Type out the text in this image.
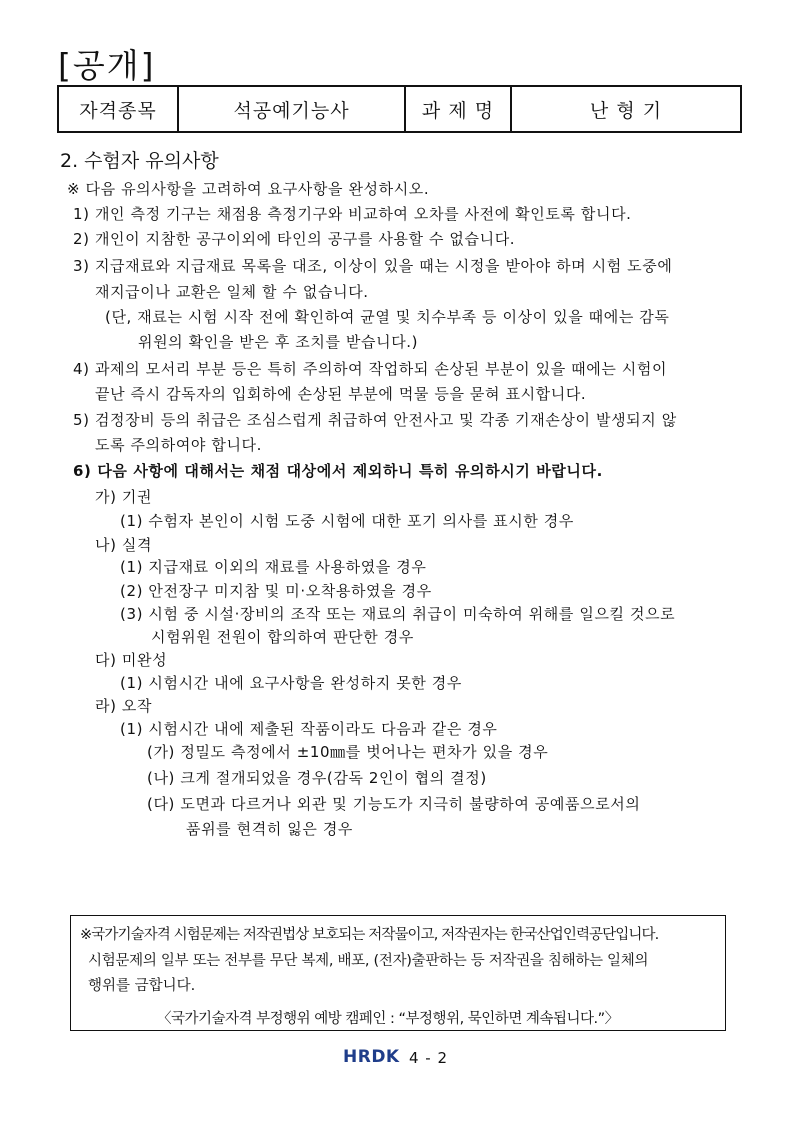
[공개]
자격종목	석공예기능사	과 제 명	난 형 기
2. 수험자 유의사항
※ 다음 유의사항을 고려하여 요구사항을 완성하시오.
1) 개인 측정 기구는 채점용 측정기구와 비교하여 오차를 사전에 확인토록 합니다.
2) 개인이 지참한 공구이외에 타인의 공구를 사용할 수 없습니다.
3) 지급재료와 지급재료 목록을 대조, 이상이 있을 때는 시정을 받아야 하며 시험 도중에
재지급이나 교환은 일체 할 수 없습니다.
(단, 재료는 시험 시작 전에 확인하여 균열 및 치수부족 등 이상이 있을 때에는 감독
위원의 확인을 받은 후 조치를 받습니다.)
4) 과제의 모서리 부분 등은 특히 주의하여 작업하되 손상된 부분이 있을 때에는 시험이
끝난 즉시 감독자의 입회하에 손상된 부분에 먹물 등을 묻혀 표시합니다.
5) 검정장비 등의 취급은 조심스럽게 취급하여 안전사고 및 각종 기재손상이 발생되지 않
도록 주의하여야 합니다.
6) 다음 사항에 대해서는 채점 대상에서 제외하니 특히 유의하시기 바랍니다.
가) 기권
(1) 수험자 본인이 시험 도중 시험에 대한 포기 의사를 표시한 경우
나) 실격
(1) 지급재료 이외의 재료를 사용하였을 경우
(2) 안전장구 미지참 및 미·오착용하였을 경우
(3) 시험 중 시설·장비의 조작 또는 재료의 취급이 미숙하여 위해를 일으킬 것으로
시험위원 전원이 합의하여 판단한 경우
다) 미완성
(1) 시험시간 내에 요구사항을 완성하지 못한 경우
라) 오작
(1) 시험시간 내에 제출된 작품이라도 다음과 같은 경우
(가) 정밀도 측정에서 ±10㎜를 벗어나는 편차가 있을 경우
(나) 크게 절개되었을 경우(감독 2인이 협의 결정)
(다) 도면과 다르거나 외관 및 기능도가 지극히 불량하여 공예품으로서의
품위를 현격히 잃은 경우
※국가기술자격 시험문제는 저작권법상 보호되는 저작물이고, 저작권자는 한국산업인력공단입니다.
시험문제의 일부 또는 전부를 무단 복제, 배포, (전자)출판하는 등 저작권을 침해하는 일체의
행위를 금합니다.
〈국가기술자격 부정행위 예방 캠페인 : “부정행위, 묵인하면 계속됩니다.”〉
HRDK 4 - 2
